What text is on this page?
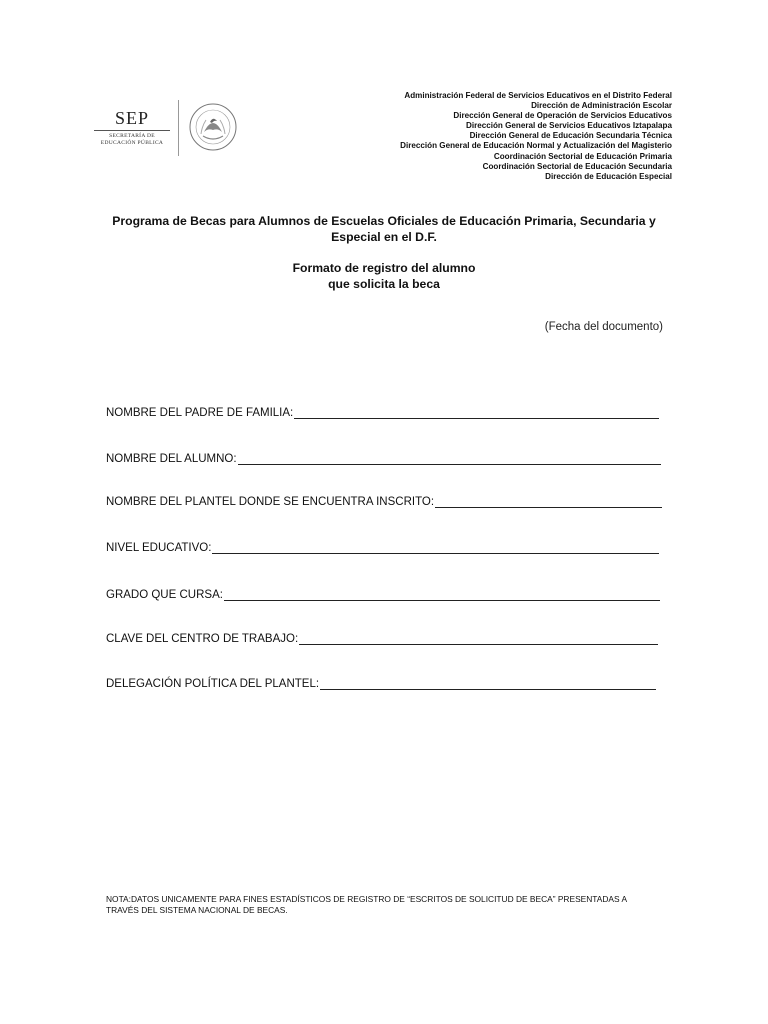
SEP
SECRETARÍA DE
EDUCACIÓN PÚBLICA
Administración Federal de Servicios Educativos en el Distrito Federal
Dirección de Administración Escolar
Dirección General de Operación de Servicios Educativos
Dirección General de Servicios Educativos Iztapalapa
Dirección General de Educación Secundaria Técnica
Dirección General de Educación Normal y Actualización del Magisterio
Coordinación Sectorial de Educación Primaria
Coordinación Sectorial de Educación Secundaria
Dirección de Educación Especial
Programa de Becas para Alumnos de Escuelas Oficiales de Educación Primaria, Secundaria y
Especial en el D.F.
Formato de registro del alumno
que solicita la beca
(Fecha del documento)
NOMBRE DEL PADRE DE FAMILIA:
NOMBRE DEL ALUMNO:
NOMBRE DEL PLANTEL DONDE SE ENCUENTRA INSCRITO:
NIVEL EDUCATIVO:
GRADO QUE CURSA:
CLAVE DEL CENTRO DE TRABAJO:
DELEGACIÓN POLÍTICA DEL PLANTEL:
NOTA:DATOS UNICAMENTE PARA FINES ESTADÍSTICOS DE REGISTRO DE “ESCRITOS DE SOLICITUD DE BECA” PRESENTADAS A
TRAVÉS DEL SISTEMA NACIONAL DE BECAS.
